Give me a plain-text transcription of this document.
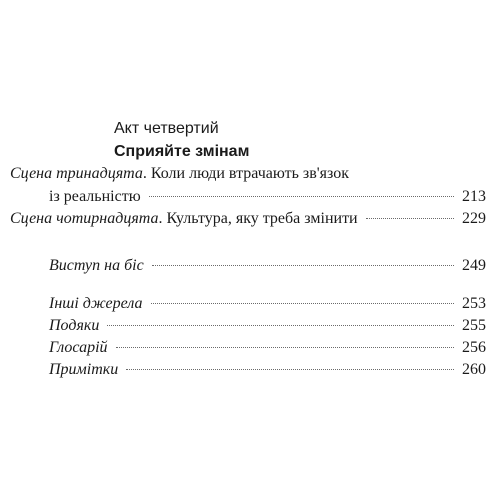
Акт четвертий
Сприяйте змінам
Сцена тринадцята. Коли люди втрачають зв'язок
із реальністю	213
Сцена чотирнадцята. Культура, яку треба змінити	229
Виступ на біс	249
Інші джерела	253
Подяки	255
Глосарій	256
Примітки	260
